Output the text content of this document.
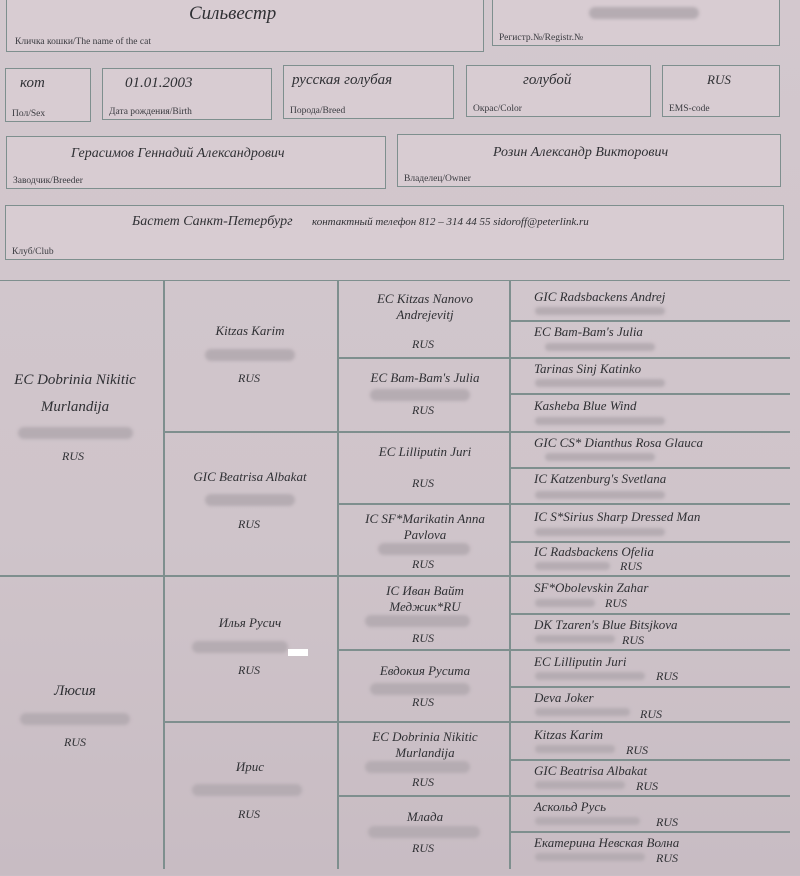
Сильвестр
Кличка кошки/The name of the cat	Регистр.№/Registr.№
кот
Пол/Sex
01.01.2003
Дата рождения/Birth
русская голубая
Порода/Breed
голубой
Окрас/Color
RUS
EMS-code
Герасимов Геннадий Александрович
Заводчик/Breeder
Розин Александр Викторович
Владелец/Owner
Бастет Санкт-Петербург контактный телефон 812 – 314 44 55 sidoroff@peterlink.ru
Клуб/Club
EC Dobrinia Nikitic Murlandija
RUS
Люсия
RUS
Kitzas Karim
RUS
GIC Beatrisa Albakat
RUS
Илья Русич
RUS
Ирис
RUS
EC Kitzas Nanovo Andrejevitj
RUS
EC Bam-Bam's Julia
RUS
EC Lilliputin Juri
RUS
IC SF*Marikatin Anna Pavlova
RUS
IC Иван Вайт Меджик*RU
RUS
Евдокия Русита
RUS
EC Dobrinia Nikitic Murlandija
RUS
Млада
RUS
GIC Radsbackens Andrej
EC Bam-Bam's Julia
Tarinas Sinj Katinko
Kasheba Blue Wind
GIC CS* Dianthus Rosa Glauca
IC Katzenburg's Svetlana
IC S*Sirius Sharp Dressed Man
IC Radsbackens Ofelia
RUS
SF*Obolevskin Zahar
RUS
DK Tzaren's Blue Bitsjkova
RUS
EC Lilliputin Juri
RUS
Deva Joker
RUS
Kitzas Karim
RUS
GIC Beatrisa Albakat
RUS
Аскольд Русь
RUS
Екатерина Невская Волна
RUS
